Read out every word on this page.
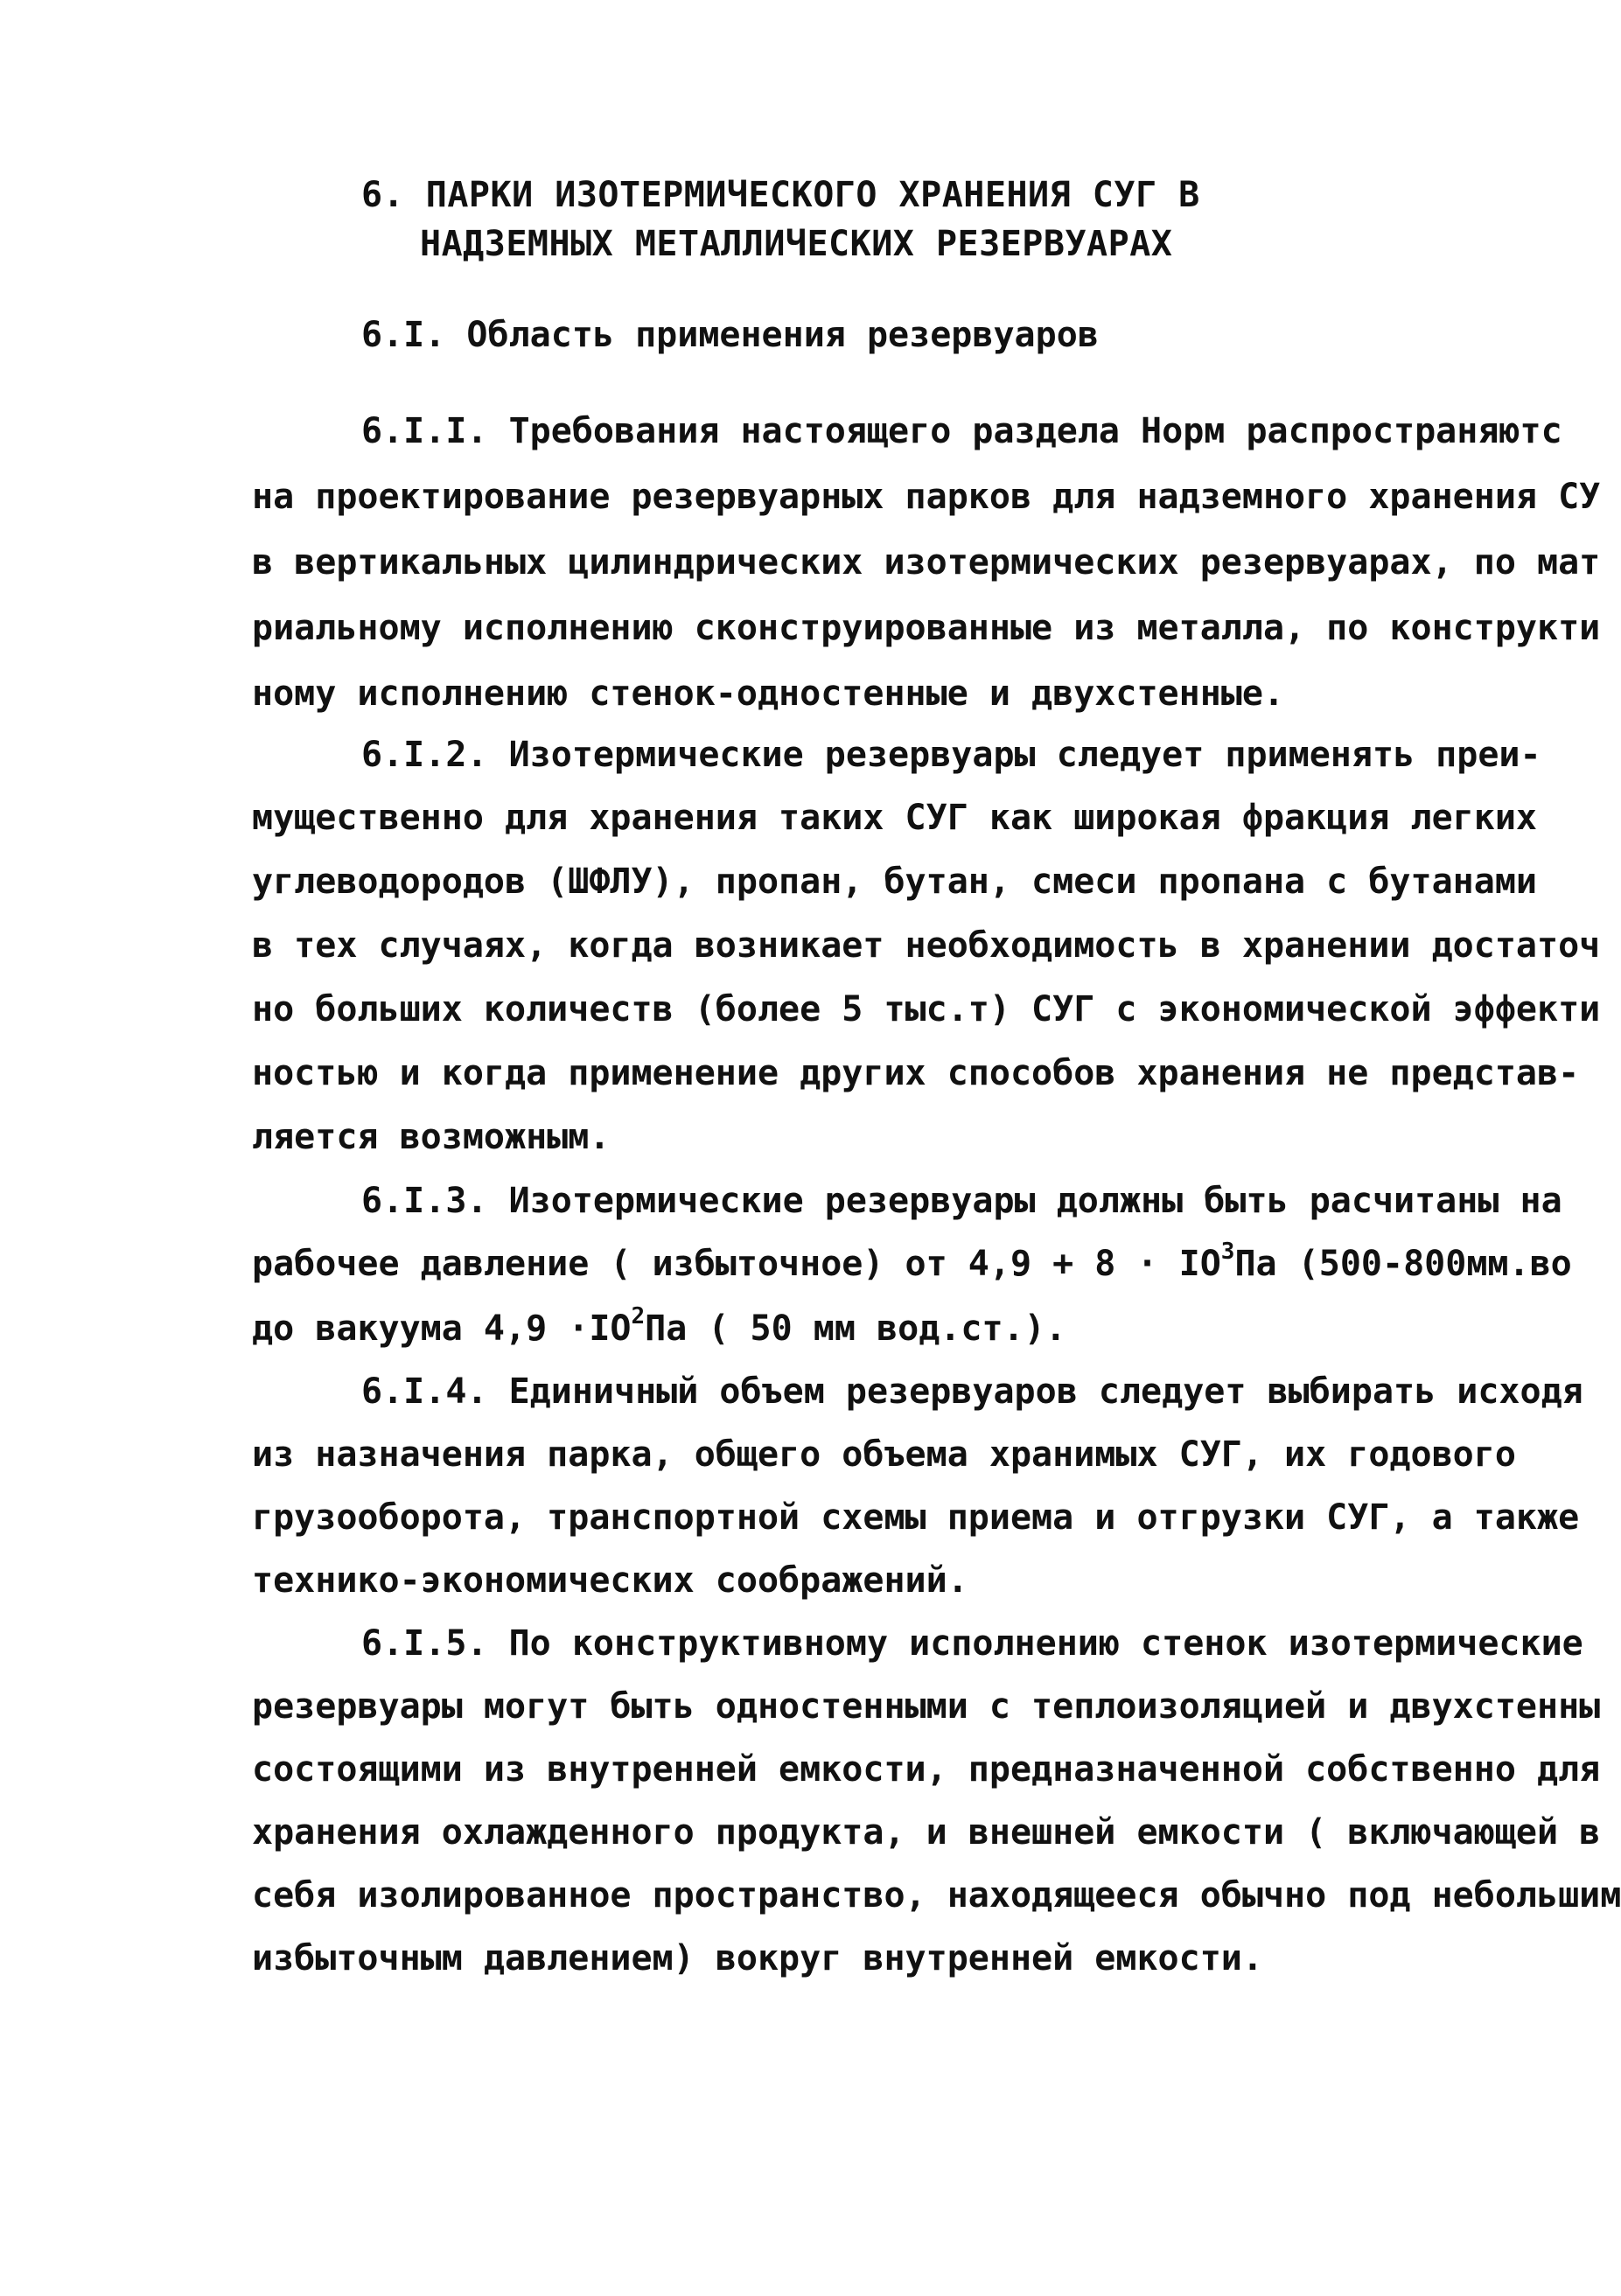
6. ПАРКИ ИЗОТЕРМИЧЕСКОГО ХРАНЕНИЯ СУГ В
НАДЗЕМНЫХ МЕТАЛЛИЧЕСКИХ РЕЗЕРВУАРАХ
6.I. Область применения резервуаров
6.I.I. Требования настоящего раздела Норм распространяютс
на проектирование резервуарных парков для надземного хранения СУ
в вертикальных цилиндрических изотермических резервуарах, по мат
риальному исполнению сконструированные из металла, по конструкти
ному исполнению стенок-одностенные и двухстенные.
6.I.2. Изотермические резервуары следует применять преи-
мущественно для хранения таких СУГ как широкая фракция легких
углеводородов (ШФЛУ), пропан, бутан, смеси пропана с бутанами
в тех случаях, когда возникает необходимость в хранении достаточ
но больших количеств (более 5 тыс.т) СУГ с экономической эффекти
ностью и когда применение других способов хранения не представ-
ляется возможным.
6.I.3. Изотермические резервуары должны быть расчитаны на
рабочее давление ( избыточное) от $4,9 + 8 \cdot IO^3Па$ (500-800мм.во
до вакуума $4,9 \cdot IO^2Па$ ( 50 мм вод.ст.).
6.I.4. Единичный объем резервуаров следует выбирать исходя
из назначения парка, общего объема хранимых СУГ, их годового
грузооборота, транспортной схемы приема и отгрузки СУГ, а также
технико-экономических соображений.
6.I.5. По конструктивному исполнению стенок изотермические
резервуары могут быть одностенными с теплоизоляцией и двухстенны
состоящими из внутренней емкости, предназначенной собственно для
хранения охлажденного продукта, и внешней емкости ( включающей в
себя изолированное пространство, находящееся обычно под небольшим
избыточным давлением) вокруг внутренней емкости.
